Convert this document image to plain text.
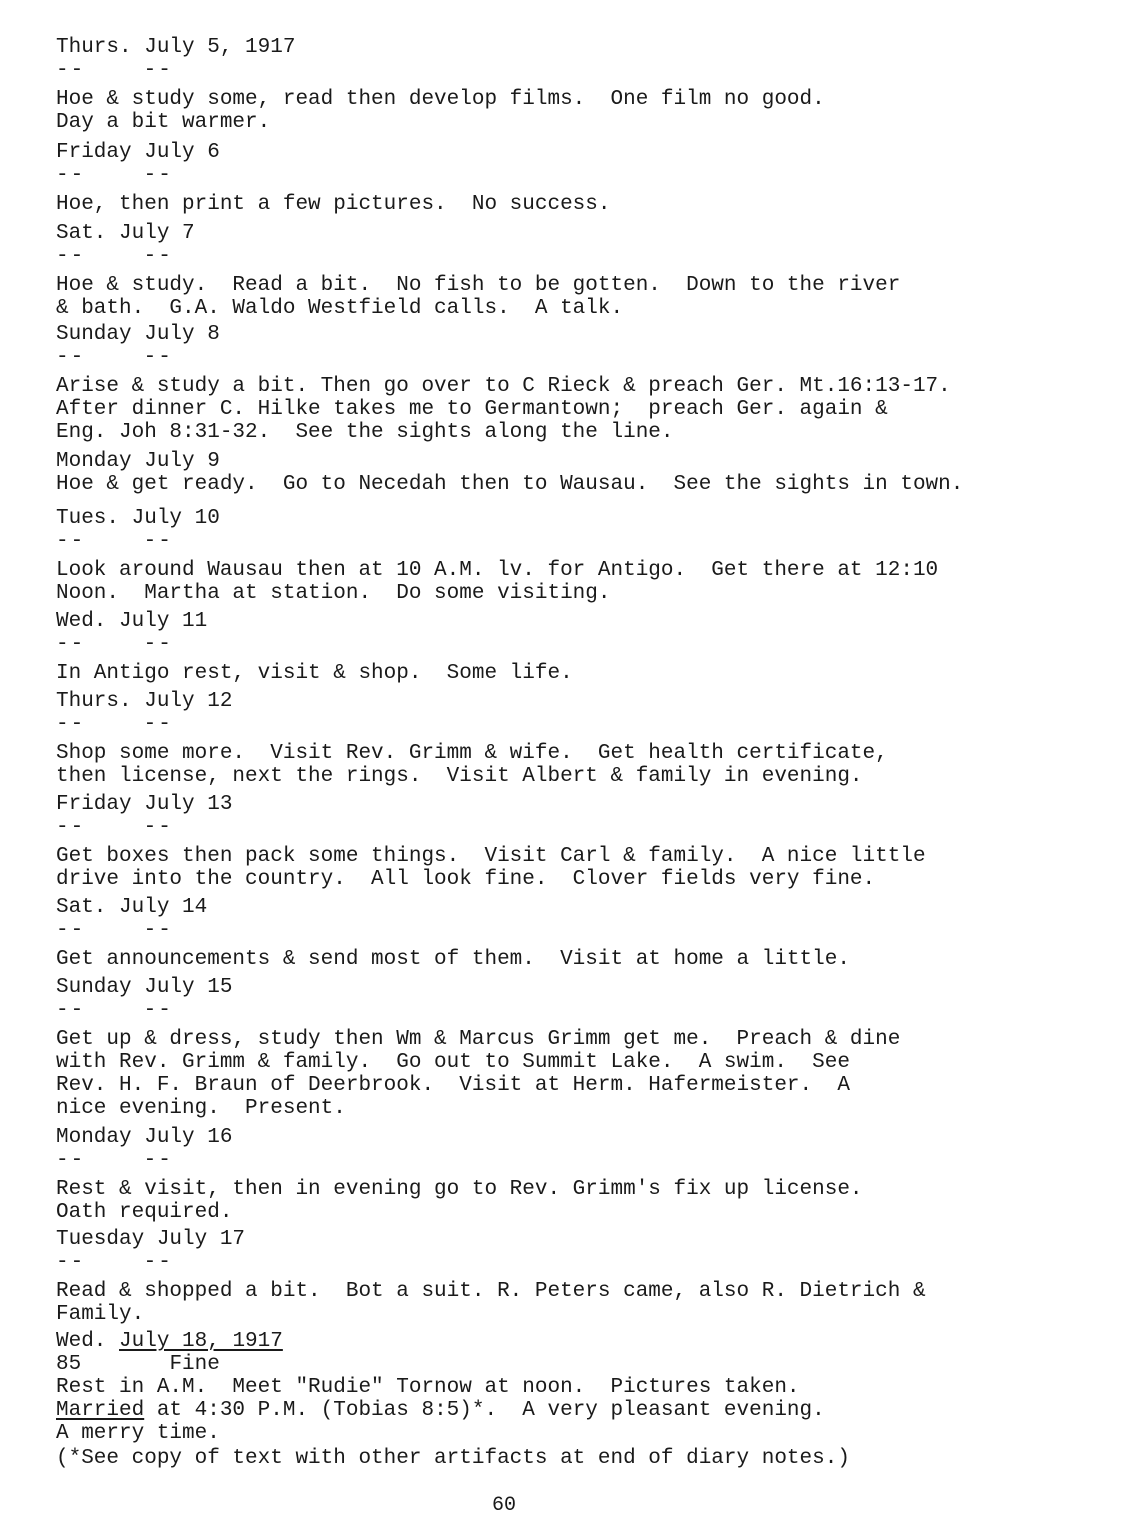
Thurs. July 5, 1917
--    --
Hoe & study some, read then develop films.  One film no good.
Day a bit warmer.
Friday July 6
--    --
Hoe, then print a few pictures.  No success.
Sat. July 7
--    --
Hoe & study.  Read a bit.  No fish to be gotten.  Down to the river
& bath.  G.A. Waldo Westfield calls.  A talk.
Sunday July 8
--    --
Arise & study a bit. Then go over to C Rieck & preach Ger. Mt.16:13-17.
After dinner C. Hilke takes me to Germantown;  preach Ger. again &
Eng. Joh 8:31-32.  See the sights along the line.
Monday July 9
Hoe & get ready.  Go to Necedah then to Wausau.  See the sights in town.
Tues. July 10
--    --
Look around Wausau then at 10 A.M. lv. for Antigo.  Get there at 12:10
Noon.  Martha at station.  Do some visiting.
Wed. July 11
--    --
In Antigo rest, visit & shop.  Some life.
Thurs. July 12
--    --
Shop some more.  Visit Rev. Grimm & wife.  Get health certificate,
then license, next the rings.  Visit Albert & family in evening.
Friday July 13
--    --
Get boxes then pack some things.  Visit Carl & family.  A nice little
drive into the country.  All look fine.  Clover fields very fine.
Sat. July 14
--    --
Get announcements & send most of them.  Visit at home a little.
Sunday July 15
--    --
Get up & dress, study then Wm & Marcus Grimm get me.  Preach & dine
with Rev. Grimm & family.  Go out to Summit Lake.  A swim.  See
Rev. H. F. Braun of Deerbrook.  Visit at Herm. Hafermeister.  A
nice evening.  Present.
Monday July 16
--    --
Rest & visit, then in evening go to Rev. Grimm's fix up license.
Oath required.
Tuesday July 17
--    --
Read & shopped a bit.  Bot a suit. R. Peters came, also R. Dietrich &
Family.
Wed. July 18, 1917
85	Fine
Rest in A.M.  Meet "Rudie" Tornow at noon.  Pictures taken.
Married at 4:30 P.M. (Tobias 8:5)*.  A very pleasant evening.
A merry time.
(*See copy of text with other artifacts at end of diary notes.)
60
